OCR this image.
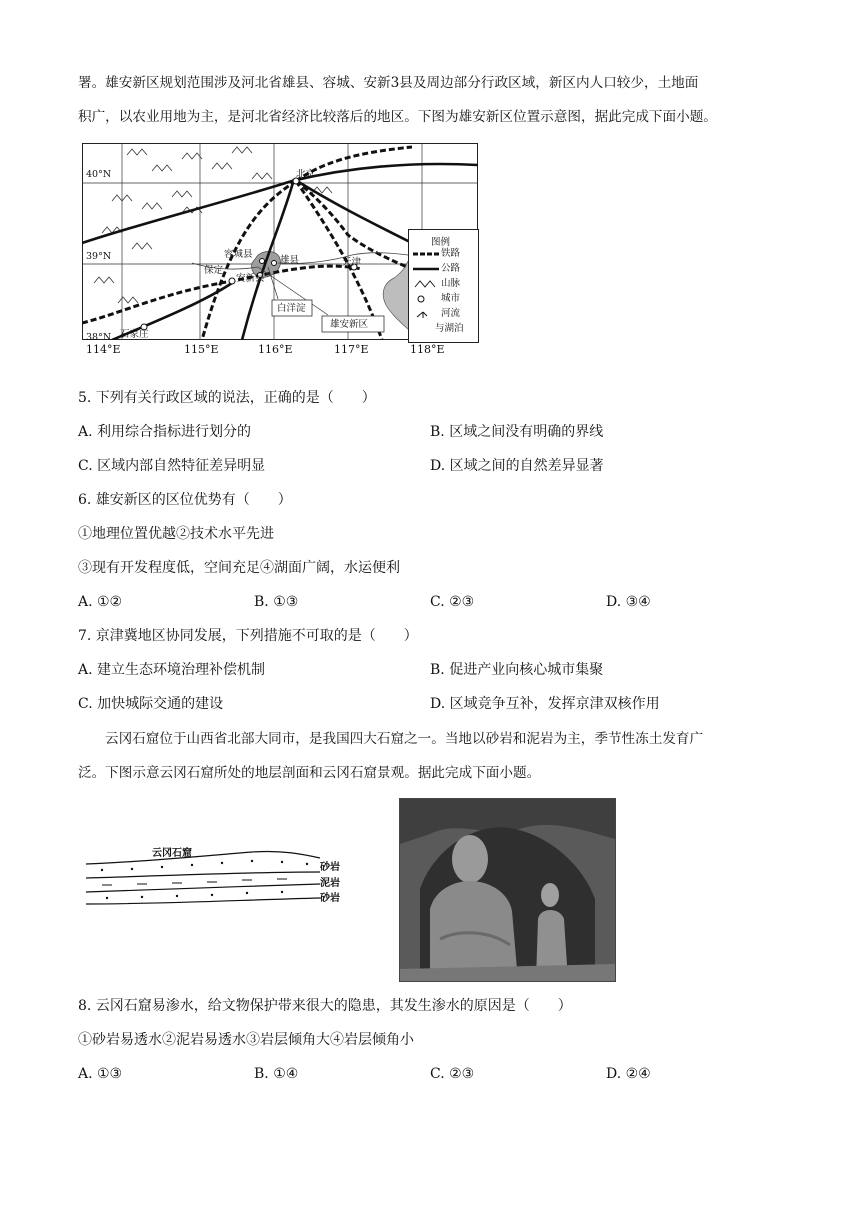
署。雄安新区规划范围涉及河北省雄县、容城、安新3县及周边部分行政区域，新区内人口较少，土地面
积广，以农业用地为主，是河北省经济比较落后的地区。下图为雄安新区位置示意图，据此完成下面小题。
40°N
39°N
38°N
北京
天津
容城县
雄县
安新县
保定
石家庄
白洋淀
雄安新区
图例
铁路
公路
山脉
城市
河流
与湖泊
114°E	115°E	116°E	117°E	118°E
5. 下列有关行政区域的说法，正确的是（　　）
A. 利用综合指标进行划分的	B. 区域之间没有明确的界线
C. 区域内部自然特征差异明显	D. 区域之间的自然差异显著
6. 雄安新区的区位优势有（　　）
①地理位置优越②技术水平先进
③现有开发程度低，空间充足④湖面广阔，水运便利
A. ①②	B. ①③	C. ②③	D. ③④
7. 京津冀地区协同发展，下列措施不可取的是（　　）
A. 建立生态环境治理补偿机制	B. 促进产业向核心城市集聚
C. 加快城际交通的建设	D. 区域竞争互补，发挥京津双核作用
云冈石窟位于山西省北部大同市，是我国四大石窟之一。当地以砂岩和泥岩为主，季节性冻土发育广
泛。下图示意云冈石窟所处的地层剖面和云冈石窟景观。据此完成下面小题。
云冈石窟
砂岩
泥岩
砂岩
8. 云冈石窟易渗水，给文物保护带来很大的隐患，其发生渗水的原因是（　　）
①砂岩易透水②泥岩易透水③岩层倾角大④岩层倾角小
A. ①③	B. ①④	C. ②③	D. ②④
